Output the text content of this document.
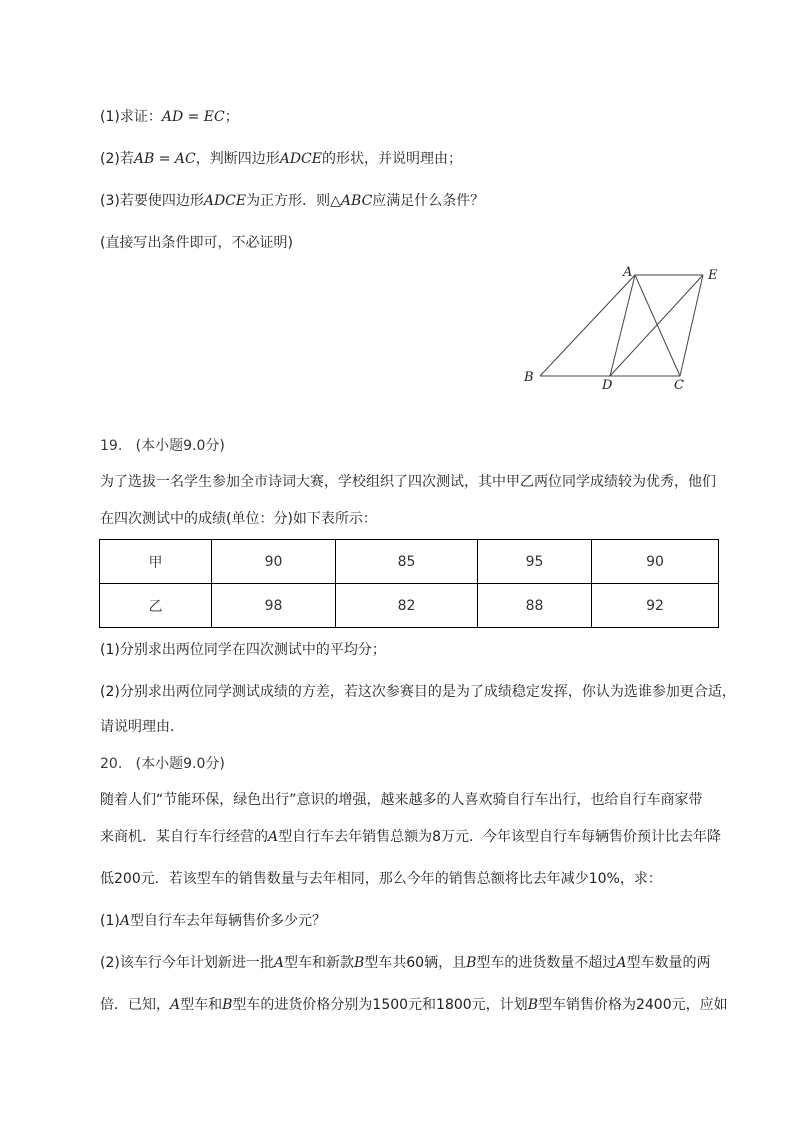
(1)求证：AD = EC；
(2)若AB = AC，判断四边形ADCE的形状，并说明理由；
(3)若要使四边形ADCE为正方形．则△ABC应满足什么条件？
(直接写出条件即可，不必证明)
A	E
B
D	C
19. (本小题9.0分)
为了选拔一名学生参加全市诗词大赛，学校组织了四次测试，其中甲乙两位同学成绩较为优秀，他们
在四次测试中的成绩(单位：分)如下表所示：
甲	90	85	95	90
乙	98	82	88	92
(1)分别求出两位同学在四次测试中的平均分；
(2)分别求出两位同学测试成绩的方差，若这次参赛目的是为了成绩稳定发挥，你认为选谁参加更合适，
请说明理由．
20. (本小题9.0分)
随着人们“节能环保，绿色出行”意识的增强，越来越多的人喜欢骑自行车出行，也给自行车商家带
来商机．某自行车行经营的A型自行车去年销售总额为8万元．今年该型自行车每辆售价预计比去年降
低200元．若该型车的销售数量与去年相同，那么今年的销售总额将比去年减少10%，求：
(1)A型自行车去年每辆售价多少元？
(2)该车行今年计划新进一批A型车和新款B型车共60辆，且B型车的进货数量不超过A型车数量的两
倍．已知，A型车和B型车的进货价格分别为1500元和1800元，计划B型车销售价格为2400元，应如
